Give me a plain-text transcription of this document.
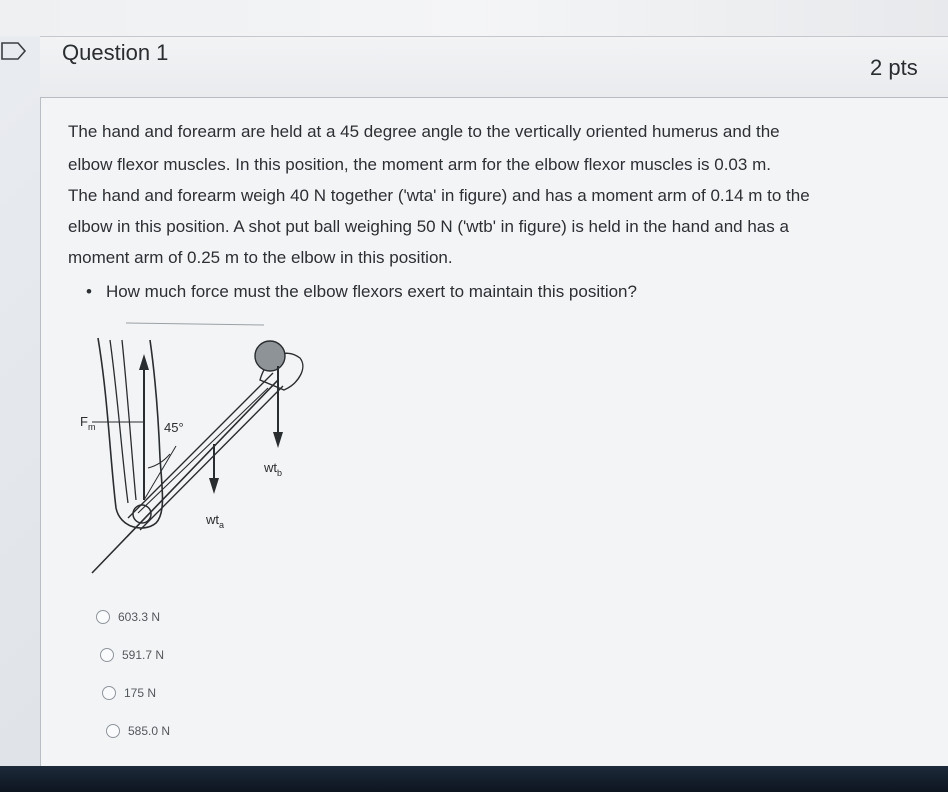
Question 1
2 pts
The hand and forearm are held at a 45 degree angle to the vertically oriented humerus and the
elbow flexor muscles. In this position, the moment arm for the elbow flexor muscles is 0.03 m.
The hand and forearm weigh 40 N together ('wta' in figure) and has a moment arm of 0.14 m to the
elbow in this position. A shot put ball weighing 50 N ('wtb' in figure) is held in the hand and has a
moment arm of 0.25 m to the elbow in this position.
• How much force must the elbow flexors exert to maintain this position?
$F_m$	45°
$wt_b$
$wt_a$
603.3 N
591.7 N
175 N
585.0 N
